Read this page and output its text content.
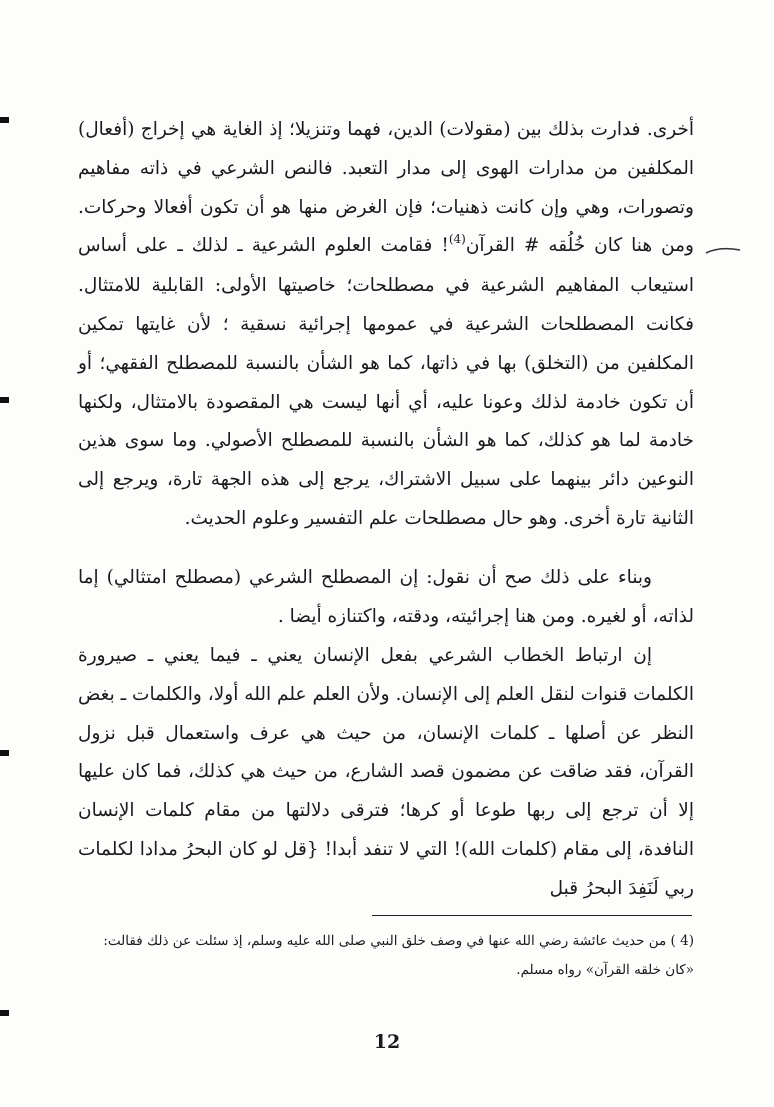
أخرى. فدارت بذلك بين (مقولات) الدين، فهما وتنزيلا؛ إذ الغاية هي إخراج (أفعال) المكلفين من مدارات الهوى إلى مدار التعبد. فالنص الشرعي في ذاته مفاهيم وتصورات، وهي وإن كانت ذهنيات؛ فإن الغرض منها هو أن تكون أفعالا وحركات. ومن هنا كان خُلُقه # القرآن$^{(4)}$! فقامت العلوم الشرعية ـ لذلك ـ على أساس استيعاب المفاهيم الشرعية في مصطلحات؛ خاصيتها الأولى: القابلية للامتثال. فكانت المصطلحات الشرعية في عمومها إجرائية نسقية ؛ لأن غايتها تمكين المكلفين من (التخلق) بها في ذاتها، كما هو الشأن بالنسبة للمصطلح الفقهي؛ أو أن تكون خادمة لذلك وعونا عليه، أي أنها ليست هي المقصودة بالامتثال، ولكنها خادمة لما هو كذلك، كما هو الشأن بالنسبة للمصطلح الأصولي. وما سوى هذين النوعين دائر بينهما على سبيل الاشتراك، يرجع إلى هذه الجهة تارة، ويرجع إلى الثانية تارة أخرى. وهو حال مصطلحات علم التفسير وعلوم الحديث.

وبناء على ذلك صح أن نقول: إن المصطلح الشرعي (مصطلح امتثالي) إما لذاته، أو لغيره. ومن هنا إجرائيته، ودقته، واكتنازه أيضا .

إن ارتباط الخطاب الشرعي بفعل الإنسان يعني ـ فيما يعني ـ صيرورة الكلمات قنوات لنقل العلم إلى الإنسان. ولأن العلم علم الله أولا، والكلمات ـ بغض النظر عن أصلها ـ كلمات الإنسان، من حيث هي عرف واستعمال قبل نزول القرآن، فقد ضاقت عن مضمون قصد الشارع، من حيث هي كذلك، فما كان عليها إلا أن ترجع إلى ربها طوعا أو كرها؛ فترقى دلالتها من مقام كلمات الإنسان النافدة، إلى مقام (كلمات الله)! التي لا تنفد أبدا! {قل لو كان البحرُ مدادا لكلمات ربي لَنَفِدَ البحرُ قبل

(4 ) من حديث عائشة رضي الله عنها في وصف خلق النبي صلى الله عليه وسلم، إذ سئلت عن ذلك فقالت:

«كان خلقه القرآن» رواه مسلم.

12
